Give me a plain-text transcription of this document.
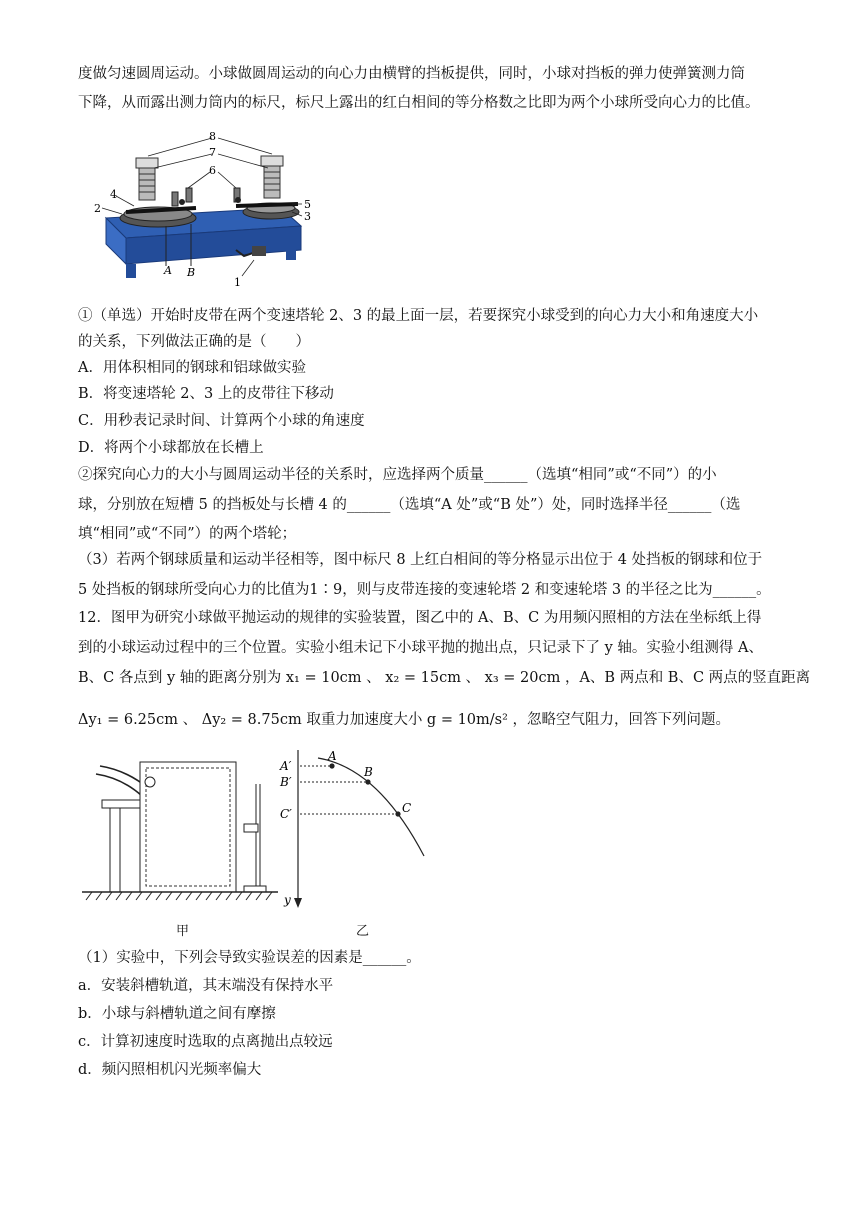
度做匀速圆周运动。小球做圆周运动的向心力由横臂的挡板提供，同时，小球对挡板的弹力使弹簧测力筒
下降，从而露出测力筒内的标尺，标尺上露出的红白相间的等分格数之比即为两个小球所受向心力的比值。
8
7
6
4
2	5
3
A B
1
①（单选）开始时皮带在两个变速塔轮 2、3 的最上面一层，若要探究小球受到的向心力大小和角速度大小
的关系，下列做法正确的是（　　）
A．用体积相同的钢球和铝球做实验
B．将变速塔轮 2、3 上的皮带往下移动
C．用秒表记录时间、计算两个小球的角速度
D．将两个小球都放在长槽上
②探究向心力的大小与圆周运动半径的关系时，应选择两个质量______（选填“相同”或“不同”）的小
球，分别放在短槽 5 的挡板处与长槽 4 的______（选填“A 处”或“B 处”）处，同时选择半径______（选
填“相同”或“不同”）的两个塔轮；
（3）若两个钢球质量和运动半径相等，图中标尺 8 上红白相间的等分格显示出位于 4 处挡板的钢球和位于
5 处挡板的钢球所受向心力的比值为1∶9，则与皮带连接的变速轮塔 2 和变速轮塔 3 的半径之比为______。
12．图甲为研究小球做平抛运动的规律的实验装置，图乙中的 A、B、C 为用频闪照相的方法在坐标纸上得
到的小球运动过程中的三个位置。实验小组未记下小球平抛的抛出点，只记录下了 y 轴。实验小组测得 A、
B、C 各点到 y 轴的距离分别为 x₁ = 10cm 、 x₂ = 15cm 、 x₃ = 20cm ，A、B 两点和 B、C 两点的竖直距离
Δy₁ = 6.25cm 、 Δy₂ = 8.75cm 取重力加速度大小 g = 10m/s² ，忽略空气阻力，回答下列问题。
A
B
C
A′
B′
C′
y
甲	乙
（1）实验中，下列会导致实验误差的因素是______。
a．安装斜槽轨道，其末端没有保持水平
b．小球与斜槽轨道之间有摩擦
c．计算初速度时选取的点离抛出点较远
d．频闪照相机闪光频率偏大
